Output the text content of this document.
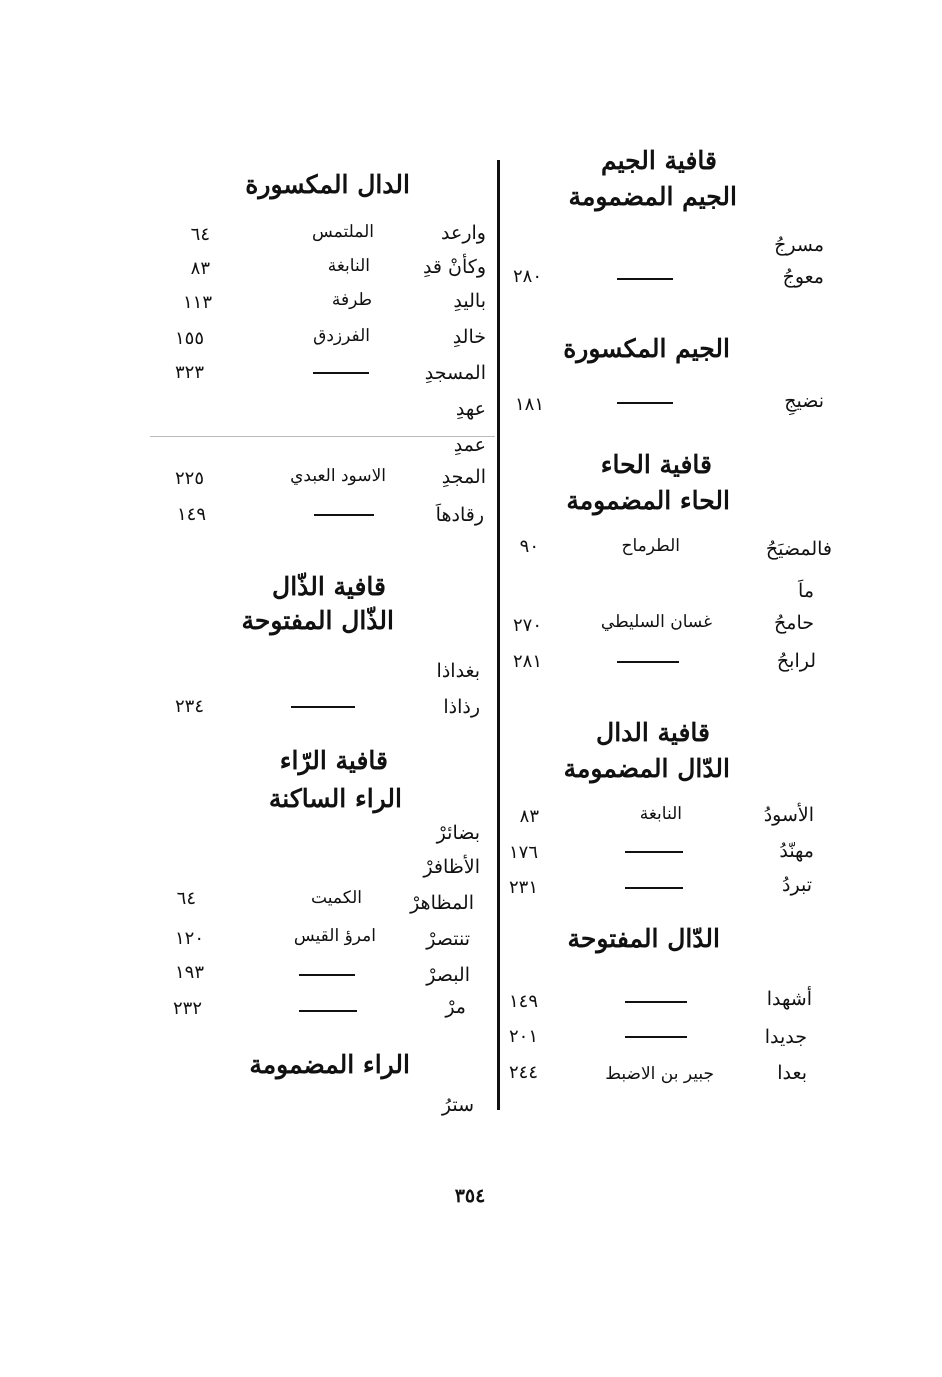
قافية الجيم
الجيم المضمومة
مسرجُ
معوجُ
٢٨٠
الجيم المكسورة
نضيجِ
١٨١
قافية الحاء
الحاء المضمومة
فالمضيَحُ
الطرماح
٩٠
ماَ
حامحُ
غسان السليطي
٢٧٠
لرابحُ
٢٨١
قافية الدال
الدّال المضمومة
الأسودُ
النابغة
٨٣
مهنّدُ
١٧٦
تبردُ
٢٣١
الدّال المفتوحة
أشهدا
١٤٩
جديدا
٢٠١
بعدا
جبير بن الاضبط
٢٤٤
الدال المكسورة
وارعد
الملتمس
٦٤
وكأنْ قدِ
النابغة
٨٣
باليدِ
طرفة
١١٣
خالدِ
الفرزدق
١٥٥
المسجدِ
٣٢٣
عهدِ
عمدِ
المجدِ
الاسود العبدي
٢٢٥
رقادهاَ
١٤٩
قافية الذّال
الذّال المفتوحة
بغداذا
رذاذا
٢٣٤
قافية الرّاء
الراء الساكنة
بضائرْ
الأظافرْ
المظاهرْ
الكميت
٦٤
تنتصرْ
امرؤ القيس
١٢٠
البصرْ
١٩٣
مرْ
٢٣٢
الراء المضمومة
سترُ
٣٥٤
